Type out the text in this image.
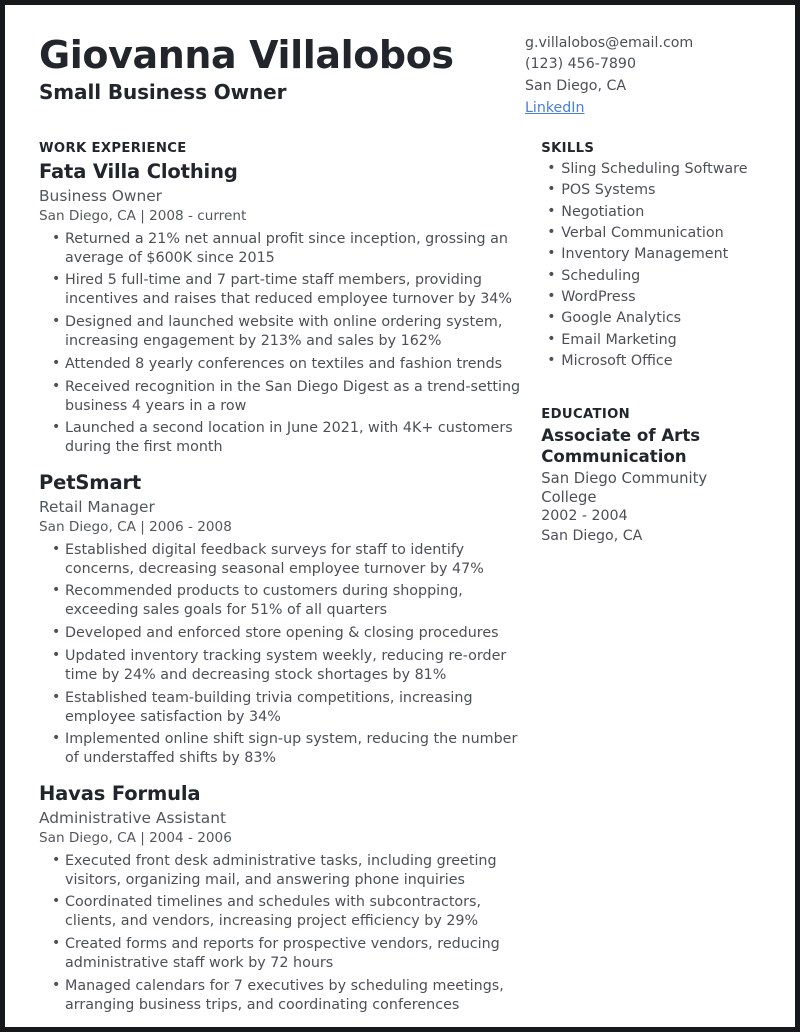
Giovanna Villalobos
Small Business Owner
g.villalobos@email.com
(123) 456-7890
San Diego, CA
LinkedIn
WORK EXPERIENCE
Fata Villa Clothing
Business Owner
San Diego, CA | 2008 - current
• Returned a 21% net annual profit since inception, grossing an average of $600K since 2015
• Hired 5 full-time and 7 part-time staff members, providing incentives and raises that reduced employee turnover by 34%
• Designed and launched website with online ordering system, increasing engagement by 213% and sales by 162%
• Attended 8 yearly conferences on textiles and fashion trends
• Received recognition in the San Diego Digest as a trend-setting business 4 years in a row
• Launched a second location in June 2021, with 4K+ customers during the first month
PetSmart
Retail Manager
San Diego, CA | 2006 - 2008
• Established digital feedback surveys for staff to identify concerns, decreasing seasonal employee turnover by 47%
• Recommended products to customers during shopping, exceeding sales goals for 51% of all quarters
• Developed and enforced store opening & closing procedures
• Updated inventory tracking system weekly, reducing re-order time by 24% and decreasing stock shortages by 81%
• Established team-building trivia competitions, increasing employee satisfaction by 34%
• Implemented online shift sign-up system, reducing the number of understaffed shifts by 83%
Havas Formula
Administrative Assistant
San Diego, CA | 2004 - 2006
• Executed front desk administrative tasks, including greeting visitors, organizing mail, and answering phone inquiries
• Coordinated timelines and schedules with subcontractors, clients, and vendors, increasing project efficiency by 29%
• Created forms and reports for prospective vendors, reducing administrative staff work by 72 hours
• Managed calendars for 7 executives by scheduling meetings, arranging business trips, and coordinating conferences
SKILLS
• Sling Scheduling Software
• POS Systems
• Negotiation
• Verbal Communication
• Inventory Management
• Scheduling
• WordPress
• Google Analytics
• Email Marketing
• Microsoft Office
EDUCATION
Associate of Arts Communication
San Diego Community College
2002 - 2004
San Diego, CA
